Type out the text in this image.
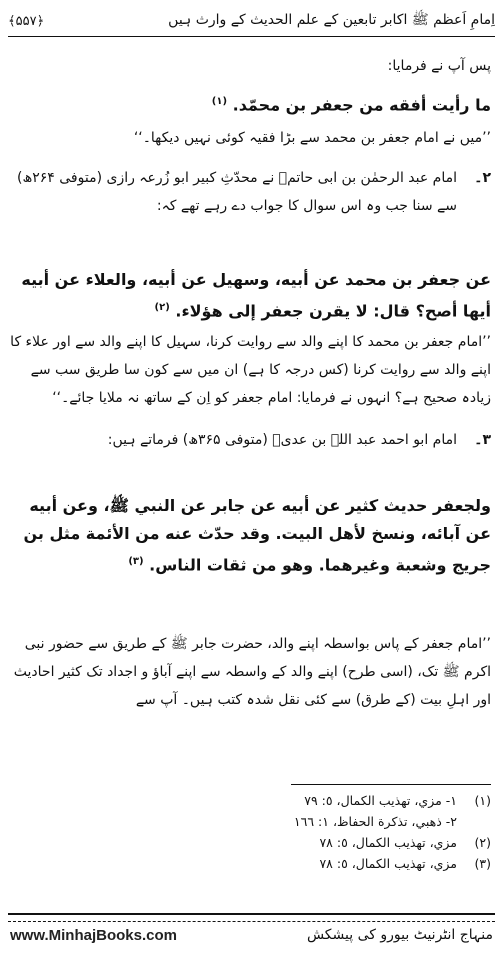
﴾۵۵۷﴿	اِمامِ اَعظم ﷺ اکابر تابعین کے علم الحدیث کے وارث ہیں
پس آپ نے فرمایا:
ما رأيت أفقه من جعفر بن محمّد. $^{(١)}$
’’میں نے امام جعفر بن محمد سے بڑا فقیہ کوئی نہیں دیکھا۔‘‘
۲۔
امام عبد الرحمٰن بن ابی حاتمؒ نے محدّثِ کبیر ابو زُرعہ رازی (متوفی ۲۶۴ھ) سے سنا جب وہ اس سوال کا جواب دے رہے تھے کہ:
عن جعفر بن محمد عن أبيه، وسهيل عن أبيه، والعلاء عن أبيه أيها أصح؟ قال: لا يقرن جعفر إلى هؤلاء. $^{(٢)}$
’’امام جعفر بن محمد کا اپنے والد سے روایت کرنا، سہیل کا اپنے والد سے اور علاء کا اپنے والد سے روایت کرنا (کس درجہ کا ہے) ان میں سے کون سا طریق سب سے زیادہ صحیح ہے؟ انہوں نے فرمایا: امام جعفر کو اِن کے ساتھ نہ ملایا جائے۔‘‘
۳۔
امام ابو احمد عبد اللہ بن عدیؒ (متوفی ۳۶۵ھ) فرماتے ہیں:
ولجعفر حديث كثير عن أبيه عن جابر عن النبي ﷺ، وعن أبيه عن آبائه، ونسخ لأهل البيت. وقد حدّث عنه من الأئمة مثل بن جريج وشعبة وغيرهما. وهو من ثقات الناس. $^{(٣)}$
’’امام جعفر کے پاس بواسطہ اپنے والد، حضرت جابر ﷺ کے طریق سے حضور نبی اکرم ﷺ تک، (اسی طرح) اپنے والد کے واسطہ سے اپنے آباؤ و اجداد تک کثیر احادیث اور اہلِ بیت (کے طرق) سے کئی نقل شدہ کتب ہیں۔ آپ سے
(١) ١- مزي، تهذيب الكمال، ٥: ٧٩
٢- ذهبي، تذكرة الحفاظ، ١: ١٦٦
(٢) مزي، تهذيب الكمال، ٥: ٧٨
(٣) مزي، تهذيب الكمال، ٥: ٧٨
www.MinhajBooks.com	منہاج انٹرنیٹ بیورو کی پیشکش
